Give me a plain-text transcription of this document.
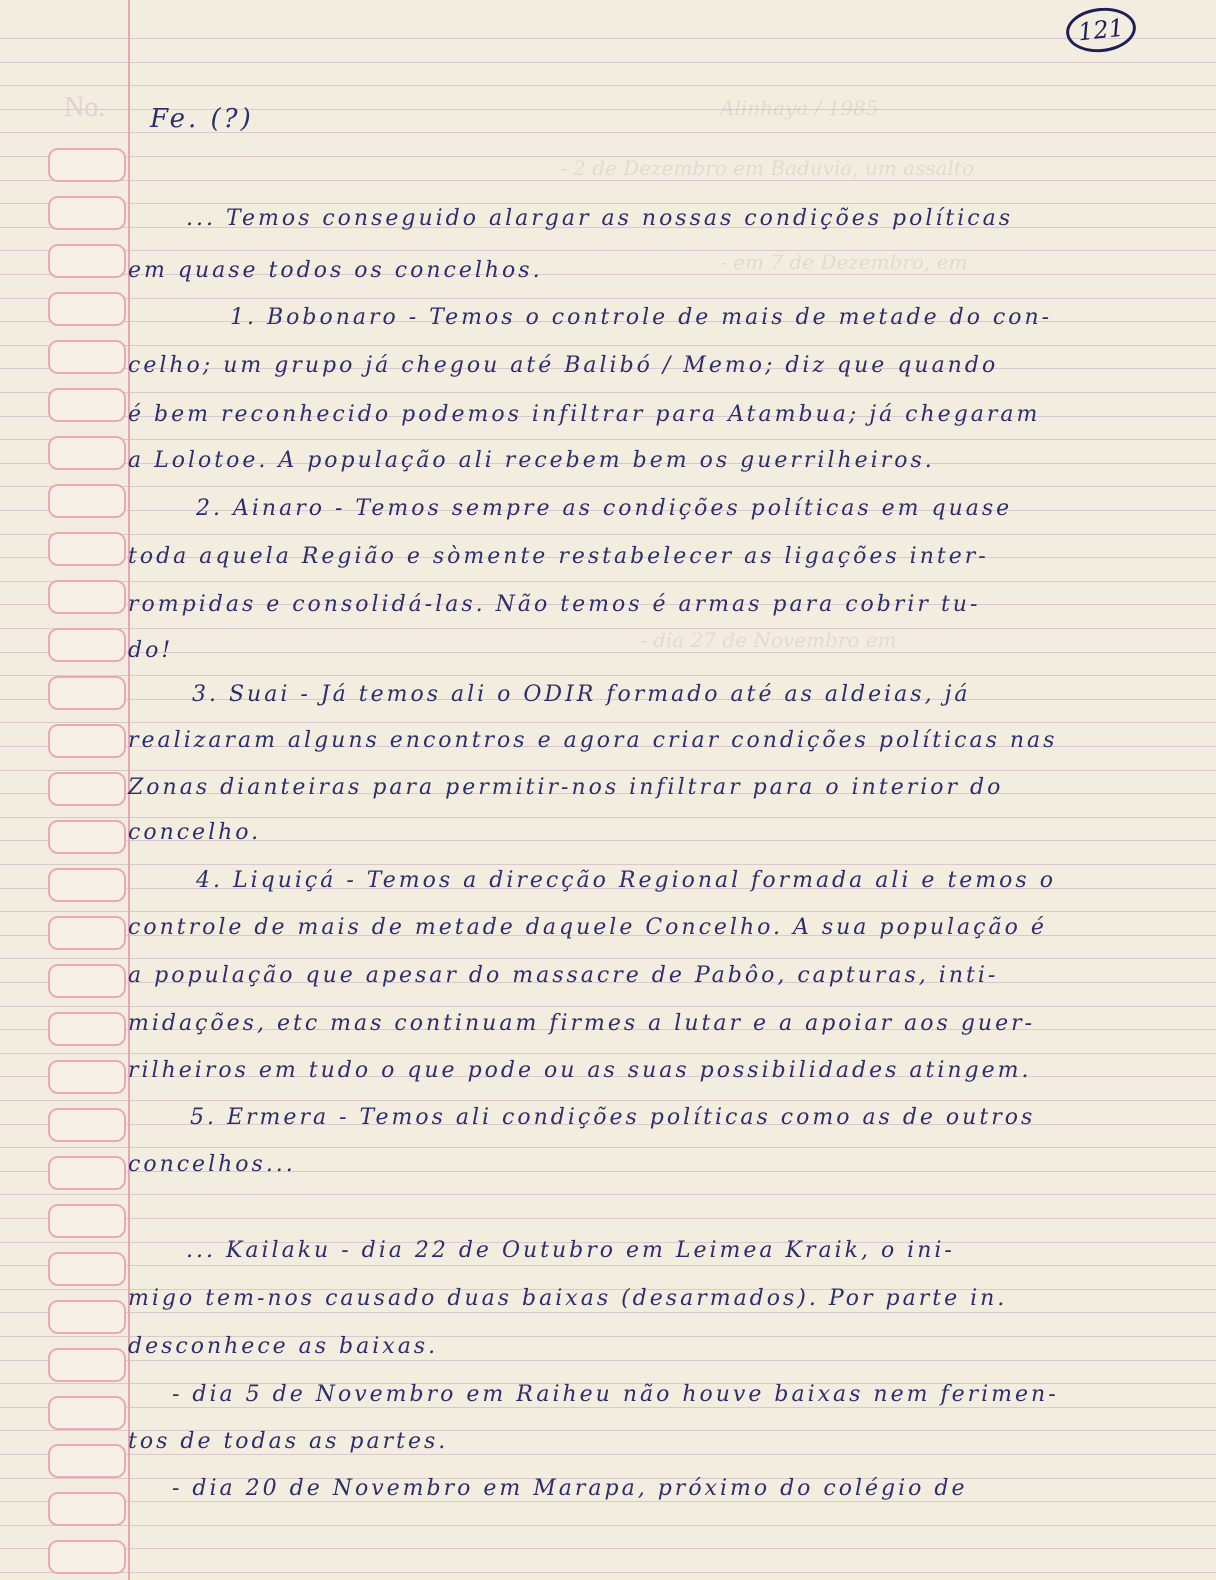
121
No.	Alinhaya / 1985
- 2 de Dezembro em Baduvia, um assalto
- em 7 de Dezembro, em
- dia 27 de Novembro em
Fe. (?)
... Temos conseguido alargar as nossas condições políticas
em quase todos os concelhos.
1. Bobonaro - Temos o controle de mais de metade do con-
celho; um grupo já chegou até Balibó / Memo; diz que quando
é bem reconhecido podemos infiltrar para Atambua; já chegaram
a Lolotoe. A população ali recebem bem os guerrilheiros.
2. Ainaro - Temos sempre as condições políticas em quase
toda aquela Região e sòmente restabelecer as ligações inter-
rompidas e consolidá-las. Não temos é armas para cobrir tu-
do!
3. Suai - Já temos ali o ODIR formado até as aldeias, já
realizaram alguns encontros e agora criar condições políticas nas
Zonas dianteiras para permitir-nos infiltrar para o interior do
concelho.
4. Liquiçá - Temos a direcção Regional formada ali e temos o
controle de mais de metade daquele Concelho. A sua população é
a população que apesar do massacre de Pabôo, capturas, inti-
midações, etc mas continuam firmes a lutar e a apoiar aos guer-
rilheiros em tudo o que pode ou as suas possibilidades atingem.
5. Ermera - Temos ali condições políticas como as de outros
concelhos...
... Kailaku - dia 22 de Outubro em Leimea Kraik, o ini-
migo tem-nos causado duas baixas (desarmados). Por parte in.
desconhece as baixas.
- dia 5 de Novembro em Raiheu não houve baixas nem ferimen-
tos de todas as partes.
- dia 20 de Novembro em Marapa, próximo do colégio de
